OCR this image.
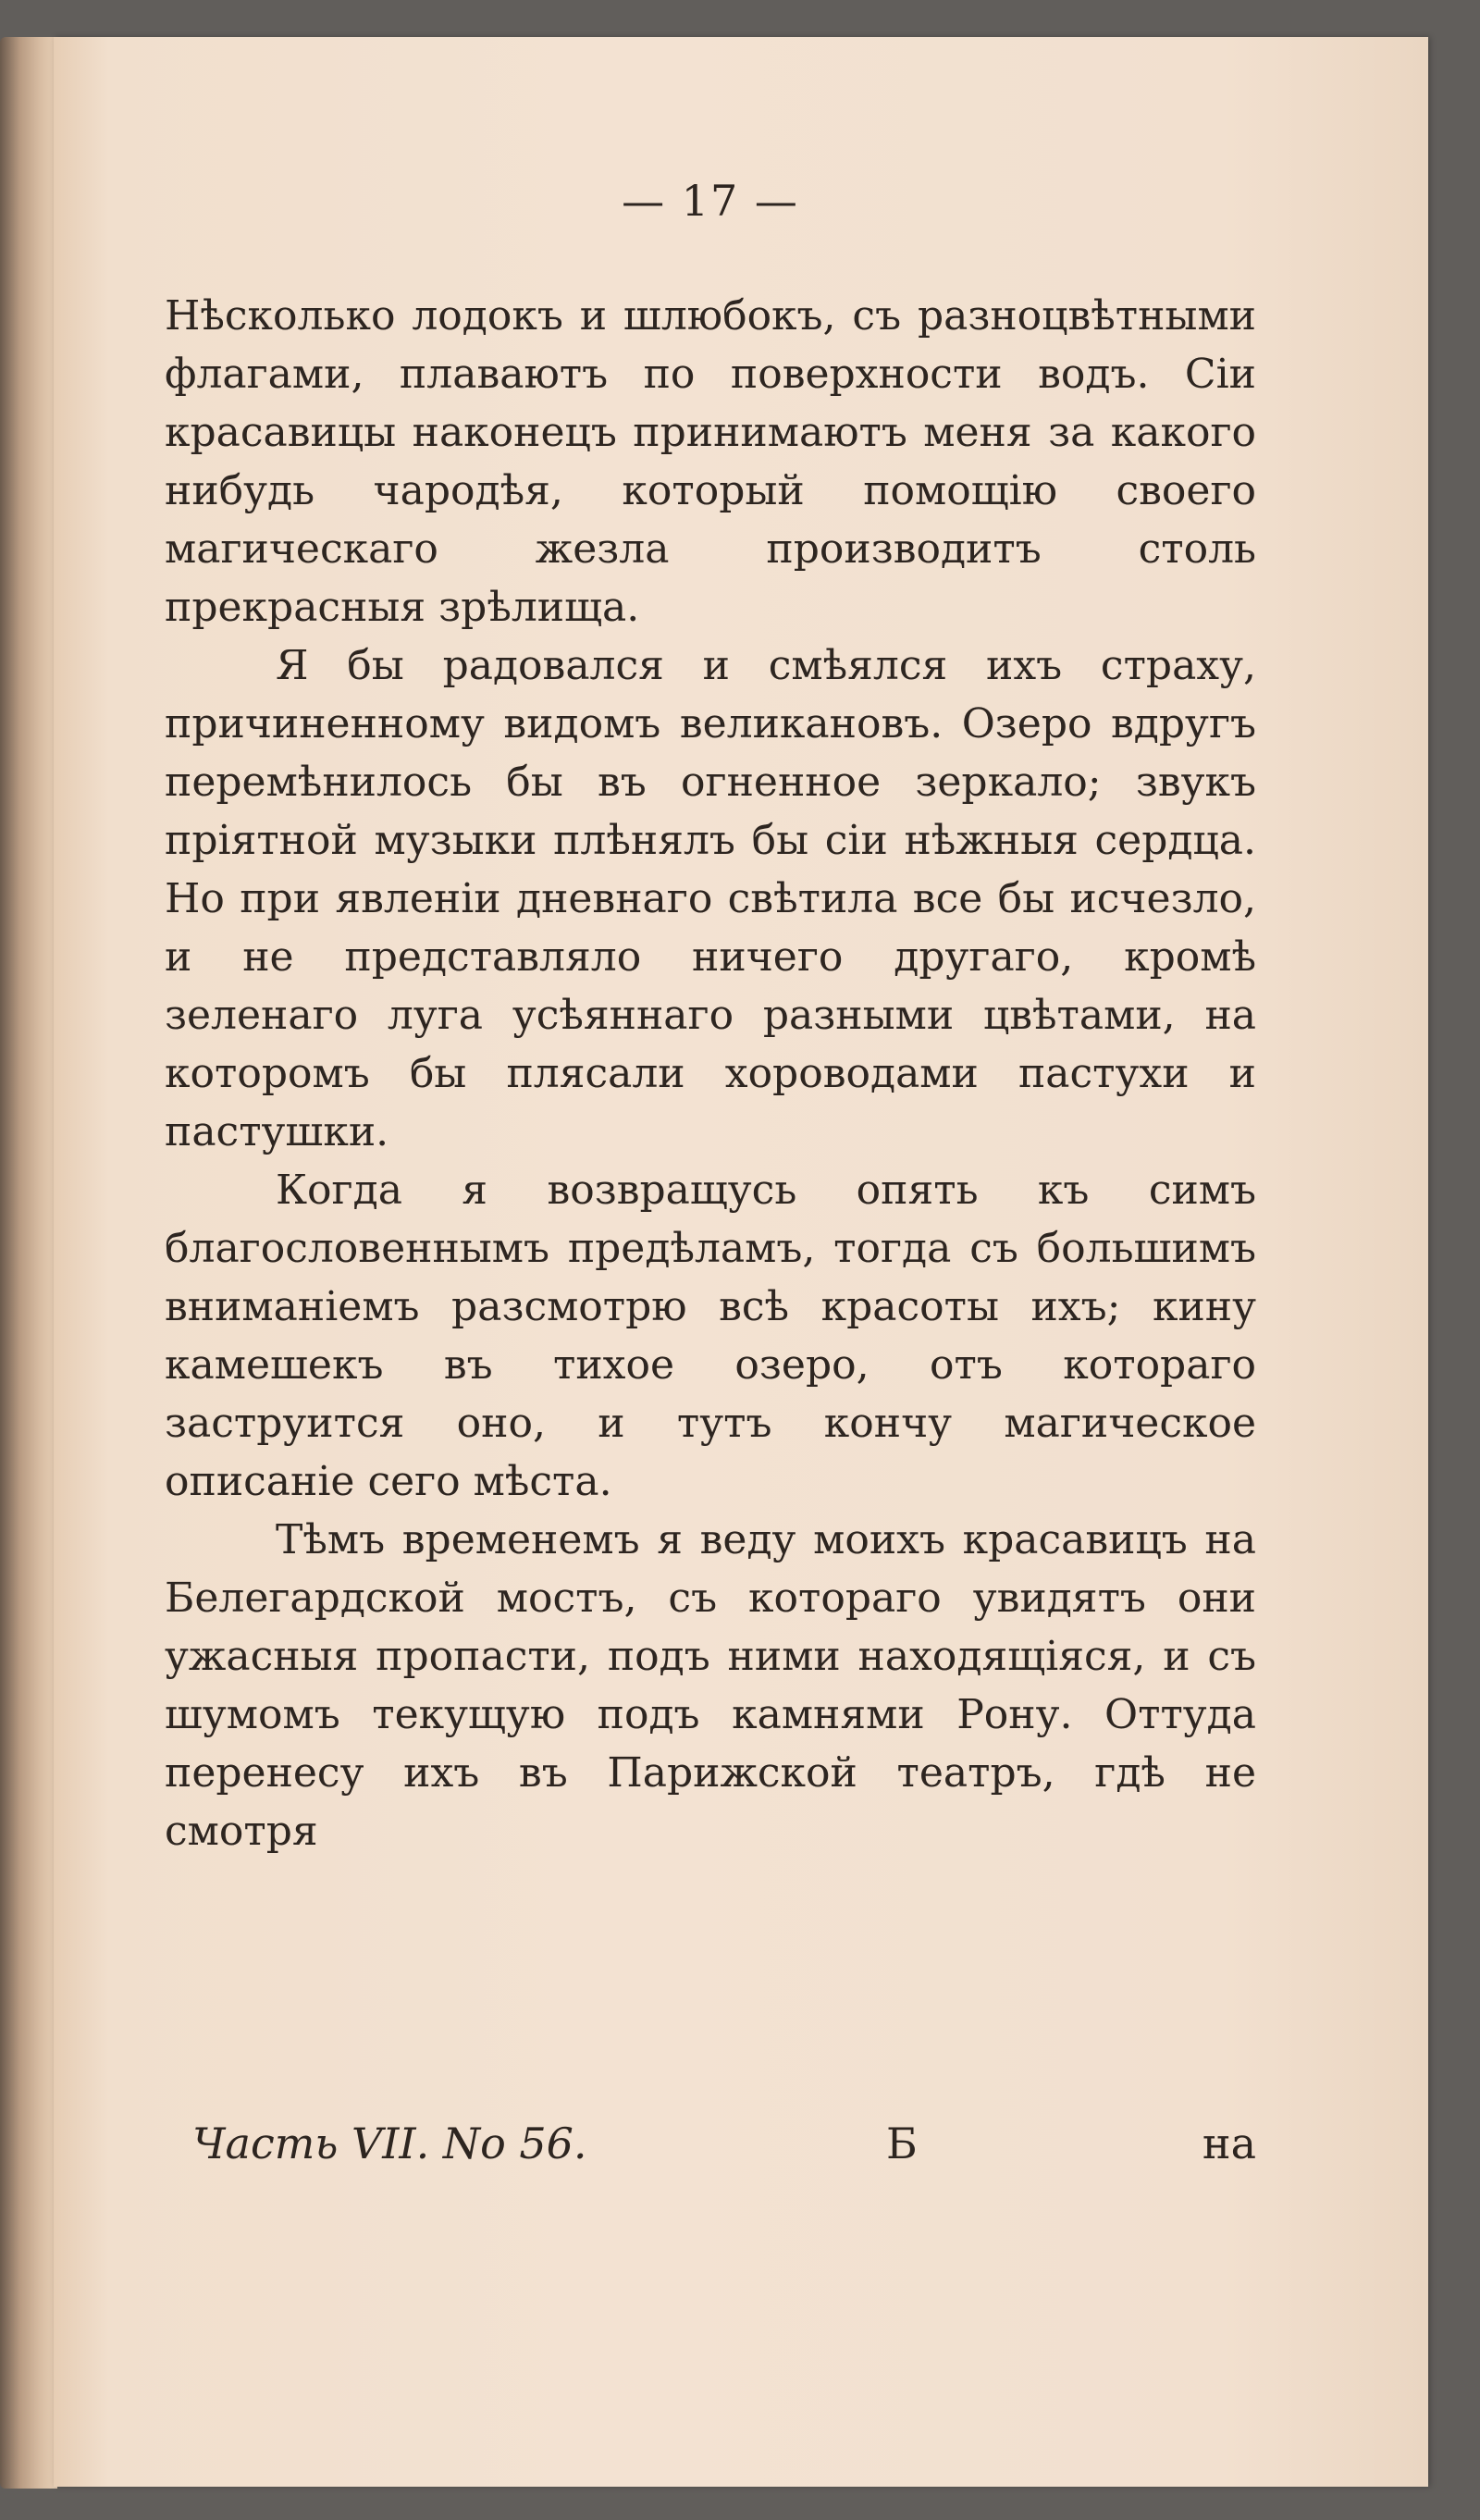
— 17 —

Нѣсколько лодокъ и шлюбокъ, съ разноцвѣтными флагами, плаваютъ по поверхности водъ. Сіи красавицы наконецъ принимаютъ меня за какого нибудь чародѣя, который помощію своего магическаго жезла производитъ столь прекрасныя зрѣлища.

Я бы радовался и смѣялся ихъ страху, причиненному видомъ великановъ. Озеро вдругъ перемѣнилось бы въ огненное зеркало; звукъ пріятной музыки плѣнялъ бы сіи нѣжныя сердца. Но при явленіи дневнаго свѣтила все бы исчезло, и не представляло ничего другаго, кромѣ зеленаго луга усѣяннаго разными цвѣтами, на которомъ бы плясали хороводами пастухи и пастушки.

Когда я возвращусь опять къ симъ благословеннымъ предѣламъ, тогда съ большимъ вниманіемъ разсмотрю всѣ красоты ихъ; кину камешекъ въ тихое озеро, отъ котораго заструится оно, и тутъ кончу магическое описаніе сего мѣста.

Тѣмъ временемъ я веду моихъ красавицъ на Белегардской мостъ, съ котораго увидятъ они ужасныя пропасти, подъ ними находящіяся, и съ шумомъ текущую подъ камнями Рону. Оттуда перенесу ихъ въ Парижской театръ, гдѣ не смотря

Часть VII. No 56.	Б	на
